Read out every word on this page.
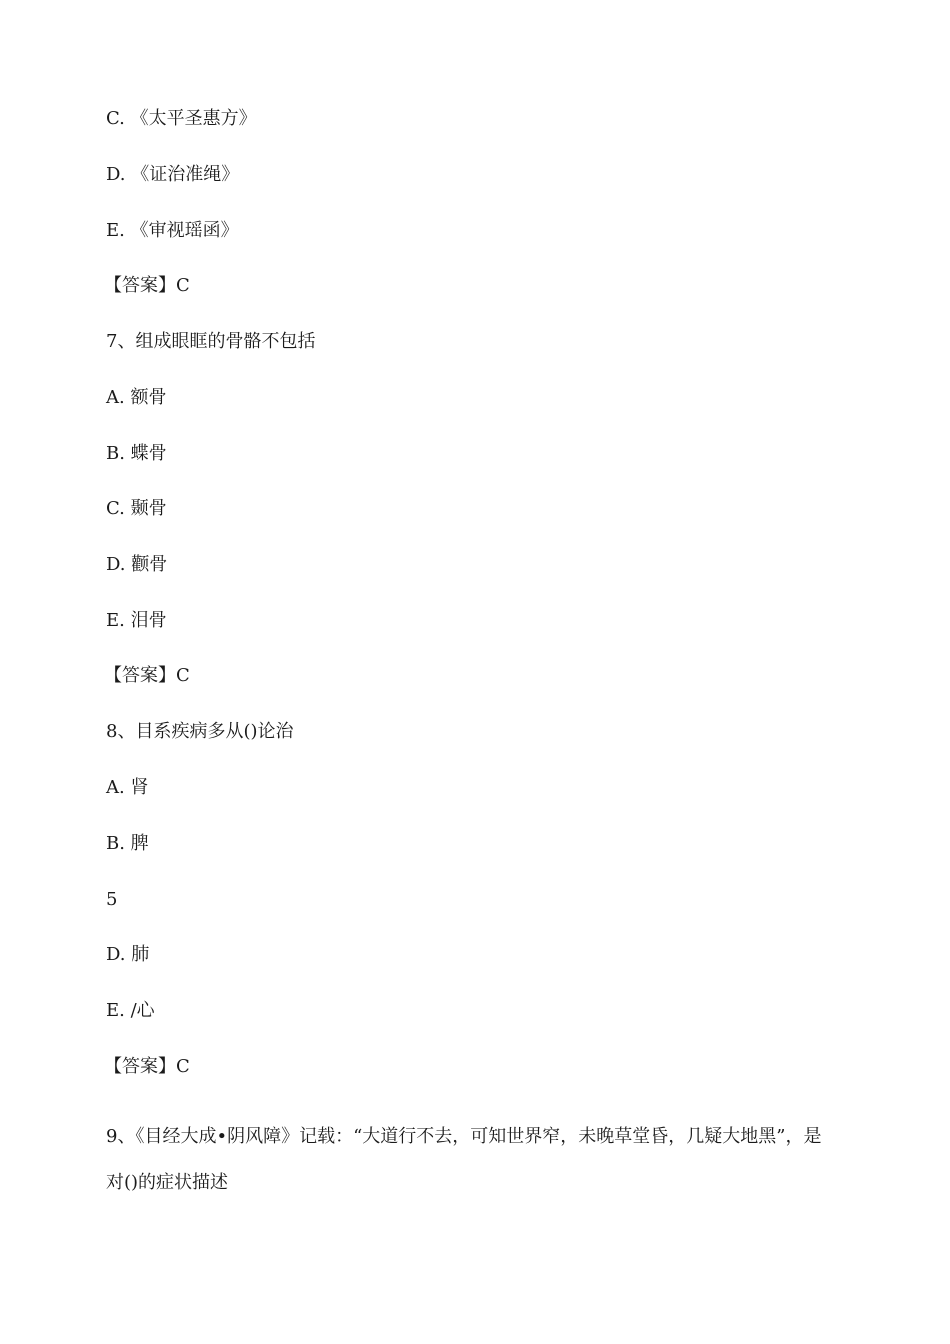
C. 《太平圣惠方》
D. 《证治准绳》
E. 《审视瑶函》
【答案】C
7、组成眼眶的骨骼不包括
A. 额骨
B. 蝶骨
C. 颞骨
D. 颧骨
E. 泪骨
【答案】C
8、目系疾病多从()论治
A. 肾
B. 脾
5
D. 肺
E. /心
【答案】C
9、《目经大成•阴风障》记载：“大道行不去，可知世界窄，未晚草堂昏，几疑大地黑”，是对()的症状描述
